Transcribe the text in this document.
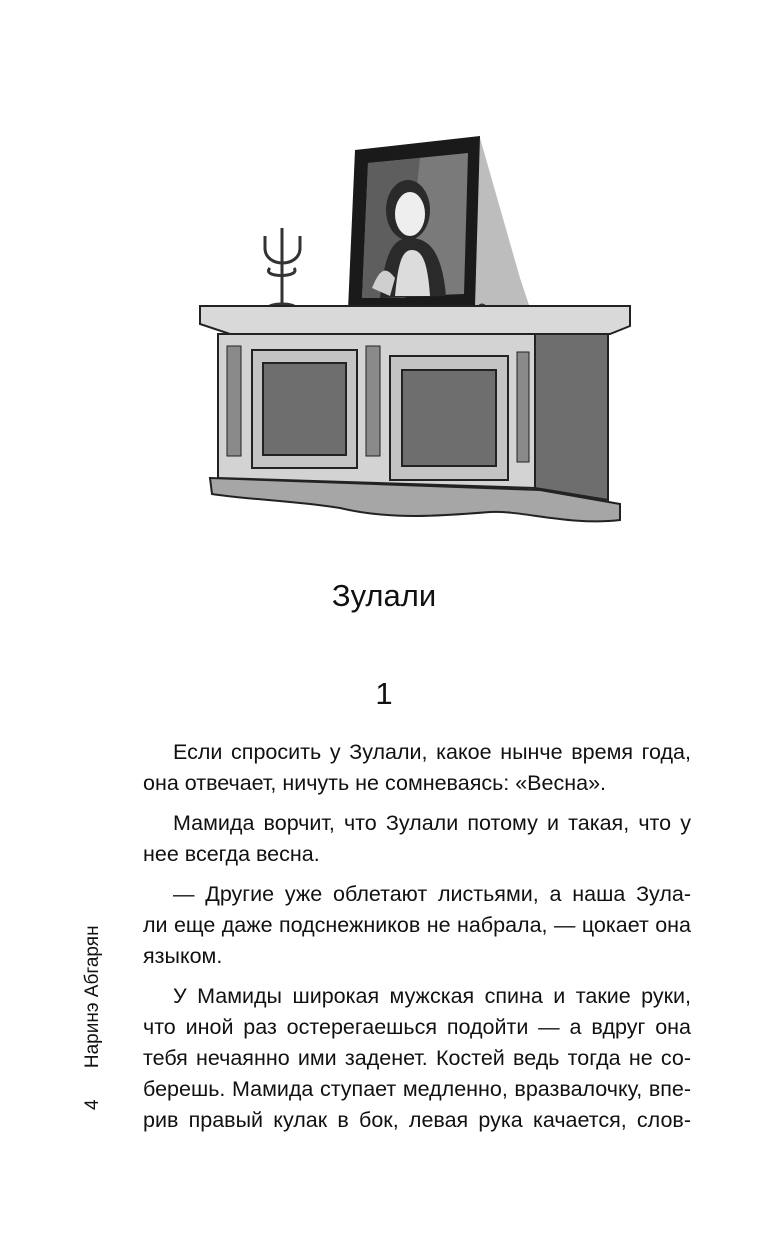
Зулали
1
Если спросить у Зулали, какое нынче время года,
она отвечает, ничуть не сомневаясь: «Весна».
Мамида ворчит, что Зулали потому и такая, что у
нее всегда весна.
— Другие уже облетают листьями, а наша Зула-
ли еще даже подснежников не набрала, — цокает она
языком.
У Мамиды широкая мужская спина и такие руки,
что иной раз остерегаешься подойти — а вдруг она
тебя нечаянно ими заденет. Костей ведь тогда не со-
берешь. Мамида ступает медленно, вразвалочку, впе-
рив правый кулак в бок, левая рука качается, слов-
4 Наринэ Абгарян
